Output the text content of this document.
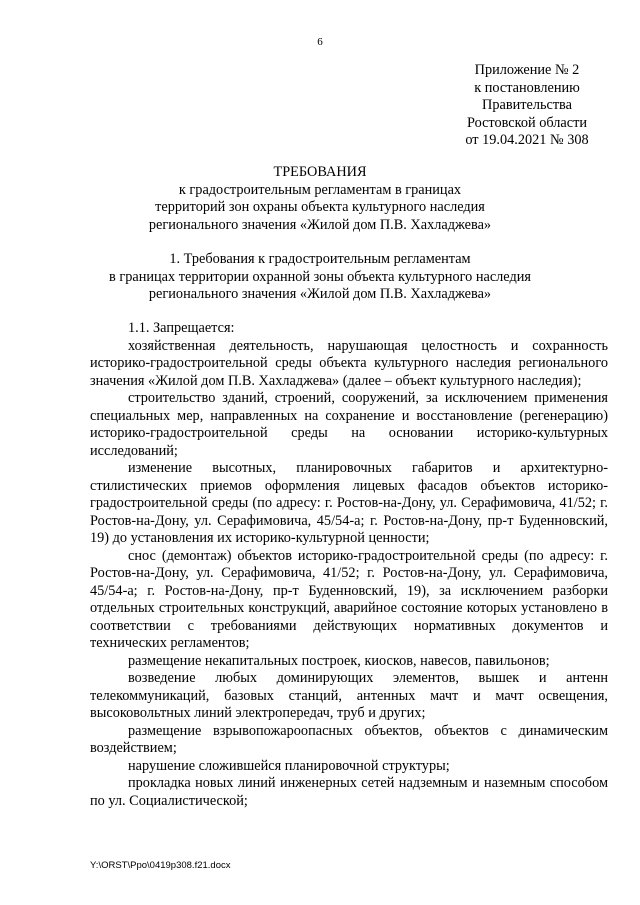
6
Приложение № 2
к постановлению
Правительства
Ростовской области
от 19.04.2021 № 308
ТРЕБОВАНИЯ
к градостроительным регламентам в границах
территорий зон охраны объекта культурного наследия
регионального значения «Жилой дом П.В. Хахладжева»
1. Требования к градостроительным регламентам
в границах территории охранной зоны объекта культурного наследия
регионального значения «Жилой дом П.В. Хахладжева»

1.1. Запрещается:

хозяйственная деятельность, нарушающая целостность и сохранность историко-градостроительной среды объекта культурного наследия регионального значения «Жилой дом П.В. Хахладжева» (далее – объект культурного наследия);

строительство зданий, строений, сооружений, за исключением применения специальных мер, направленных на сохранение и восстановление (регенерацию) историко-градостроительной среды на основании историко-культурных исследований;

изменение высотных, планировочных габаритов и архитектурно-стилистических приемов оформления лицевых фасадов объектов историко-градостроительной среды (по адресу: г. Ростов-на-Дону, ул. Серафимовича, 41/52; г. Ростов-на-Дону, ул. Серафимовича, 45/54-а; г. Ростов-на-Дону, пр-т Буденновский, 19) до установления их историко-культурной ценности;

снос (демонтаж) объектов историко-градостроительной среды (по адресу: г. Ростов-на-Дону, ул. Серафимовича, 41/52; г. Ростов-на-Дону, ул. Серафимовича, 45/54-а; г. Ростов-на-Дону, пр-т Буденновский, 19), за исключением разборки отдельных строительных конструкций, аварийное состояние которых установлено в соответствии с требованиями действующих нормативных документов и технических регламентов;

размещение некапитальных построек, киосков, навесов, павильонов;

возведение любых доминирующих элементов, вышек и антенн телекоммуникаций, базовых станций, антенных мачт и мачт освещения, высоковольтных линий электропередач, труб и других;

размещение взрывопожароопасных объектов, объектов с динамическим воздействием;

нарушение сложившейся планировочной структуры;

прокладка новых линий инженерных сетей надземным и наземным способом по ул. Социалистической;

Y:\ORST\Ppo\0419p308.f21.docx
